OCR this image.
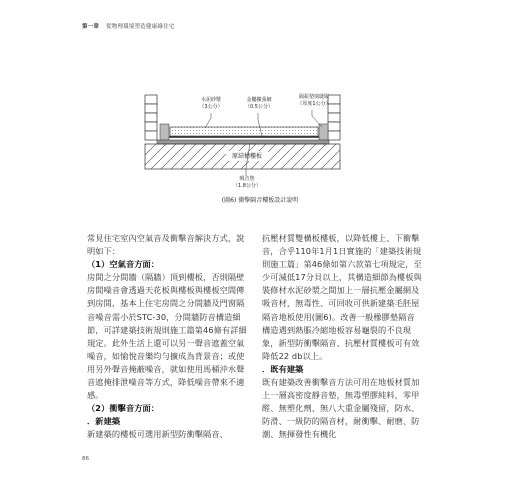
第一章 從物理環境塑造健康綠住宅
水泥砂漿
（3公分）
金屬擴張網
（0.5公分）
隔振墊填縫版
（厚度1公分）
原結構樓板
吸音墊
（1.8公分）
(圖6) 衝擊隔音樓板設計說明

常見住宅室內空氣音及衝擊音解決方式，說明如下：

（1）空氣音方面：

房間之分間牆（隔牆）頂到樓板，否則隔壁房間噪音會透過天花板與樓板與樓板空間傳到房間，基本上住宅房間之分間牆及門窗隔音噪音需小於STC-30，分間牆防音構造細節，可詳建築技術規則施工篇第46條有詳細規定。此外生活上還可以另一聲音遮蓋空氣噪音，如愉悅音樂均勻擴成為背景音；或使用另外聲音掩蔽噪音，就如使用馬桶沖水聲音遮掩排泄噪音等方式，降低噪音帶來不適感。

（2）衝擊音方面：

．新建築

新建築的樓板可選用新型防衝擊隔音、

抗壓材質雙構板樓板，以降低樓上、下衝擊音，合乎110年1月1日實施的「建築技術規則施工篇」第46條如第六款第七項規定，至少可減低17分貝以上，其構造細節為樓板與裝修材水泥砂漿之間加上一層抗壓金屬網及吸音材，無毒性、可回收可供新建築毛胚屋隔音地板使用(圖6)。改善一般橡膠墊隔音構造遇到熱脹冷縮地板容易龜裂的不良現象，新型防衝擊隔音、抗壓材質樓板可有效降低22 db以上。

．既有建築

既有建築改善衝擊音方法可用在地板材質加上一層高密度靜音墊，無毒塑膠純料，零甲醛、無塑化劑、無八大重金屬殘留，防水、防滑、一級防的隔音材，耐衝擊、耐磨、防潮、無揮發性有機化

86
